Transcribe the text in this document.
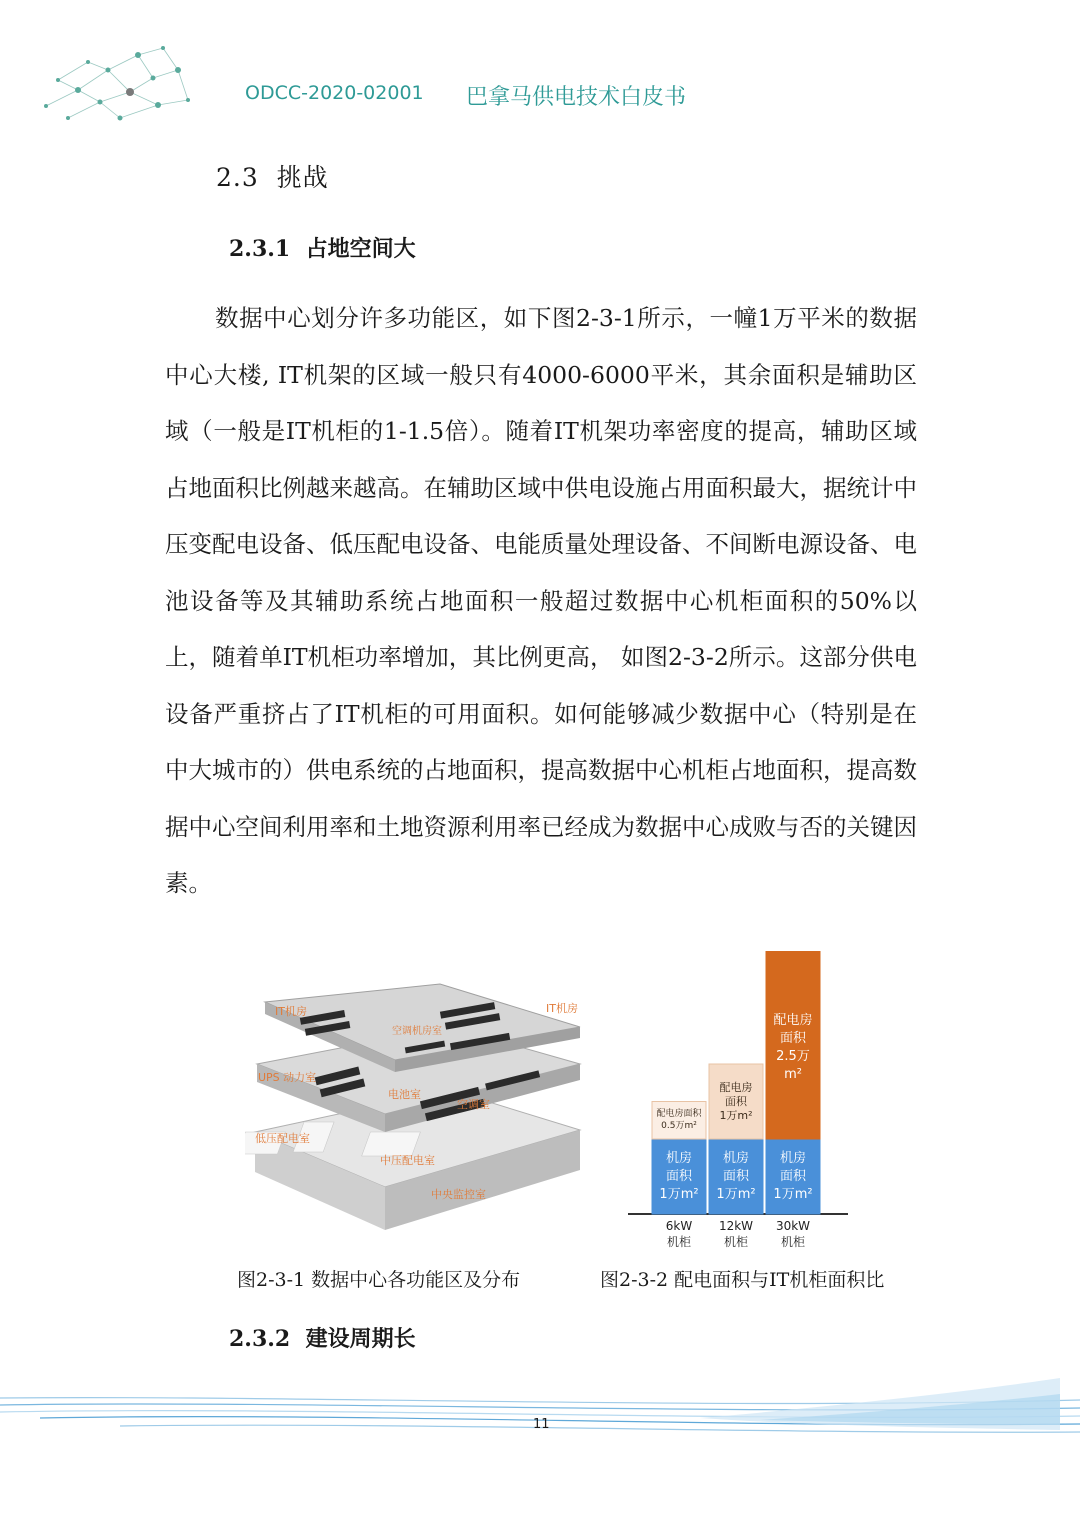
ODCC-2020-02001 巴拿马供电技术白皮书
2.3 挑战
2.3.1 占地空间大

数据中心划分许多功能区，如下图2-3-1所示，一幢1万平米的数据中心大楼, IT机架的区域一般只有4000-6000平米，其余面积是辅助区域（一般是IT机柜的1-1.5倍）。随着IT机架功率密度的提高，辅助区域占地面积比例越来越高。在辅助区域中供电设施占用面积最大，据统计中压变配电设备、低压配电设备、电能质量处理设备、不间断电源设备、电池设备等及其辅助系统占地面积一般超过数据中心机柜面积的50%以上，随着单IT机柜功率增加，其比例更高， 如图2-3-2所示。这部分供电设备严重挤占了IT机柜的可用面积。如何能够减少数据中心（特别是在中大城市的）供电系统的占地面积，提高数据中心机柜占地面积，提高数据中心空间利用率和土地资源利用率已经成为数据中心成败与否的关键因素。

IT机房	IT机房
空调机房室
UPS 动力室
电池室
空调室
低压配电室
中压配电室
中央监控室
机房
面积
1万m²
配电房面积
0.5万m²
6kW
机柜
机房
面积
1万m²
配电房
面积
1万m²
12kW
机柜
机房
面积
1万m²
配电房
面积
2.5万
m²
30kW
机柜
图2-3-1 数据中心各功能区及分布	图2-3-2 配电面积与IT机柜面积比
2.3.2 建设周期长
11
